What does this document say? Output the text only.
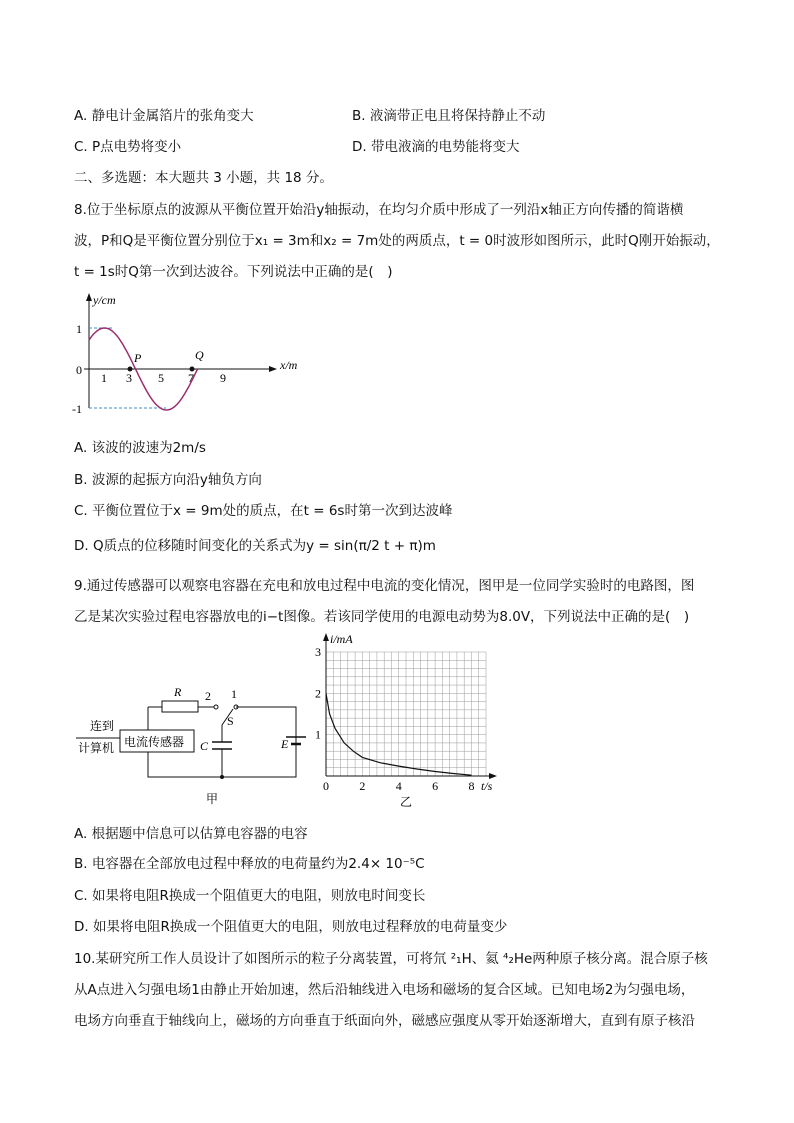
A. 静电计金属箔片的张角变大	B. 液滴带正电且将保持静止不动
C. P点电势将变小	D. 带电液滴的电势能将变大
二、多选题：本大题共 3 小题，共 18 分。
8.位于坐标原点的波源从平衡位置开始沿y轴振动，在均匀介质中形成了一列沿x轴正方向传播的简谐横
波，P和Q是平衡位置分别位于x₁ = 3m和x₂ = 7m处的两质点，t = 0时波形如图所示，此时Q刚开始振动，
t = 1s时Q第一次到达波谷。下列说法中正确的是(　)
P	Q
y/cm
x/m
1
0
-1
1 3 5 7 9
A. 该波的波速为2m/s
B. 波源的起振方向沿y轴负方向
C. 平衡位置位于x = 9m处的质点，在t = 6s时第一次到达波峰
D. Q质点的位移随时间变化的关系式为y = sin(π/2 t + π)m
9.通过传感器可以观察电容器在充电和放电过程中电流的变化情况，图甲是一位同学实验时的电路图，图
乙是某次实验过程电容器放电的i−t图像。若该同学使用的电源电动势为8.0V，下列说法中正确的是(　)
R 2 1
S
C	E
电流传感器
连到
计算机
甲
0	2	4	6	8
1
2
3
i/mA
t/s
乙
A. 根据题中信息可以估算电容器的电容
B. 电容器在全部放电过程中释放的电荷量约为2.4× 10⁻⁵C
C. 如果将电阻R换成一个阻值更大的电阻，则放电时间变长
D. 如果将电阻R换成一个阻值更大的电阻，则放电过程释放的电荷量变少
10.某研究所工作人员设计了如图所示的粒子分离装置，可将氘 ²₁H、氦 ⁴₂He两种原子核分离。混合原子核
从A点进入匀强电场1由静止开始加速，然后沿轴线进入电场和磁场的复合区域。已知电场2为匀强电场，
电场方向垂直于轴线向上，磁场的方向垂直于纸面向外，磁感应强度从零开始逐渐增大，直到有原子核沿
